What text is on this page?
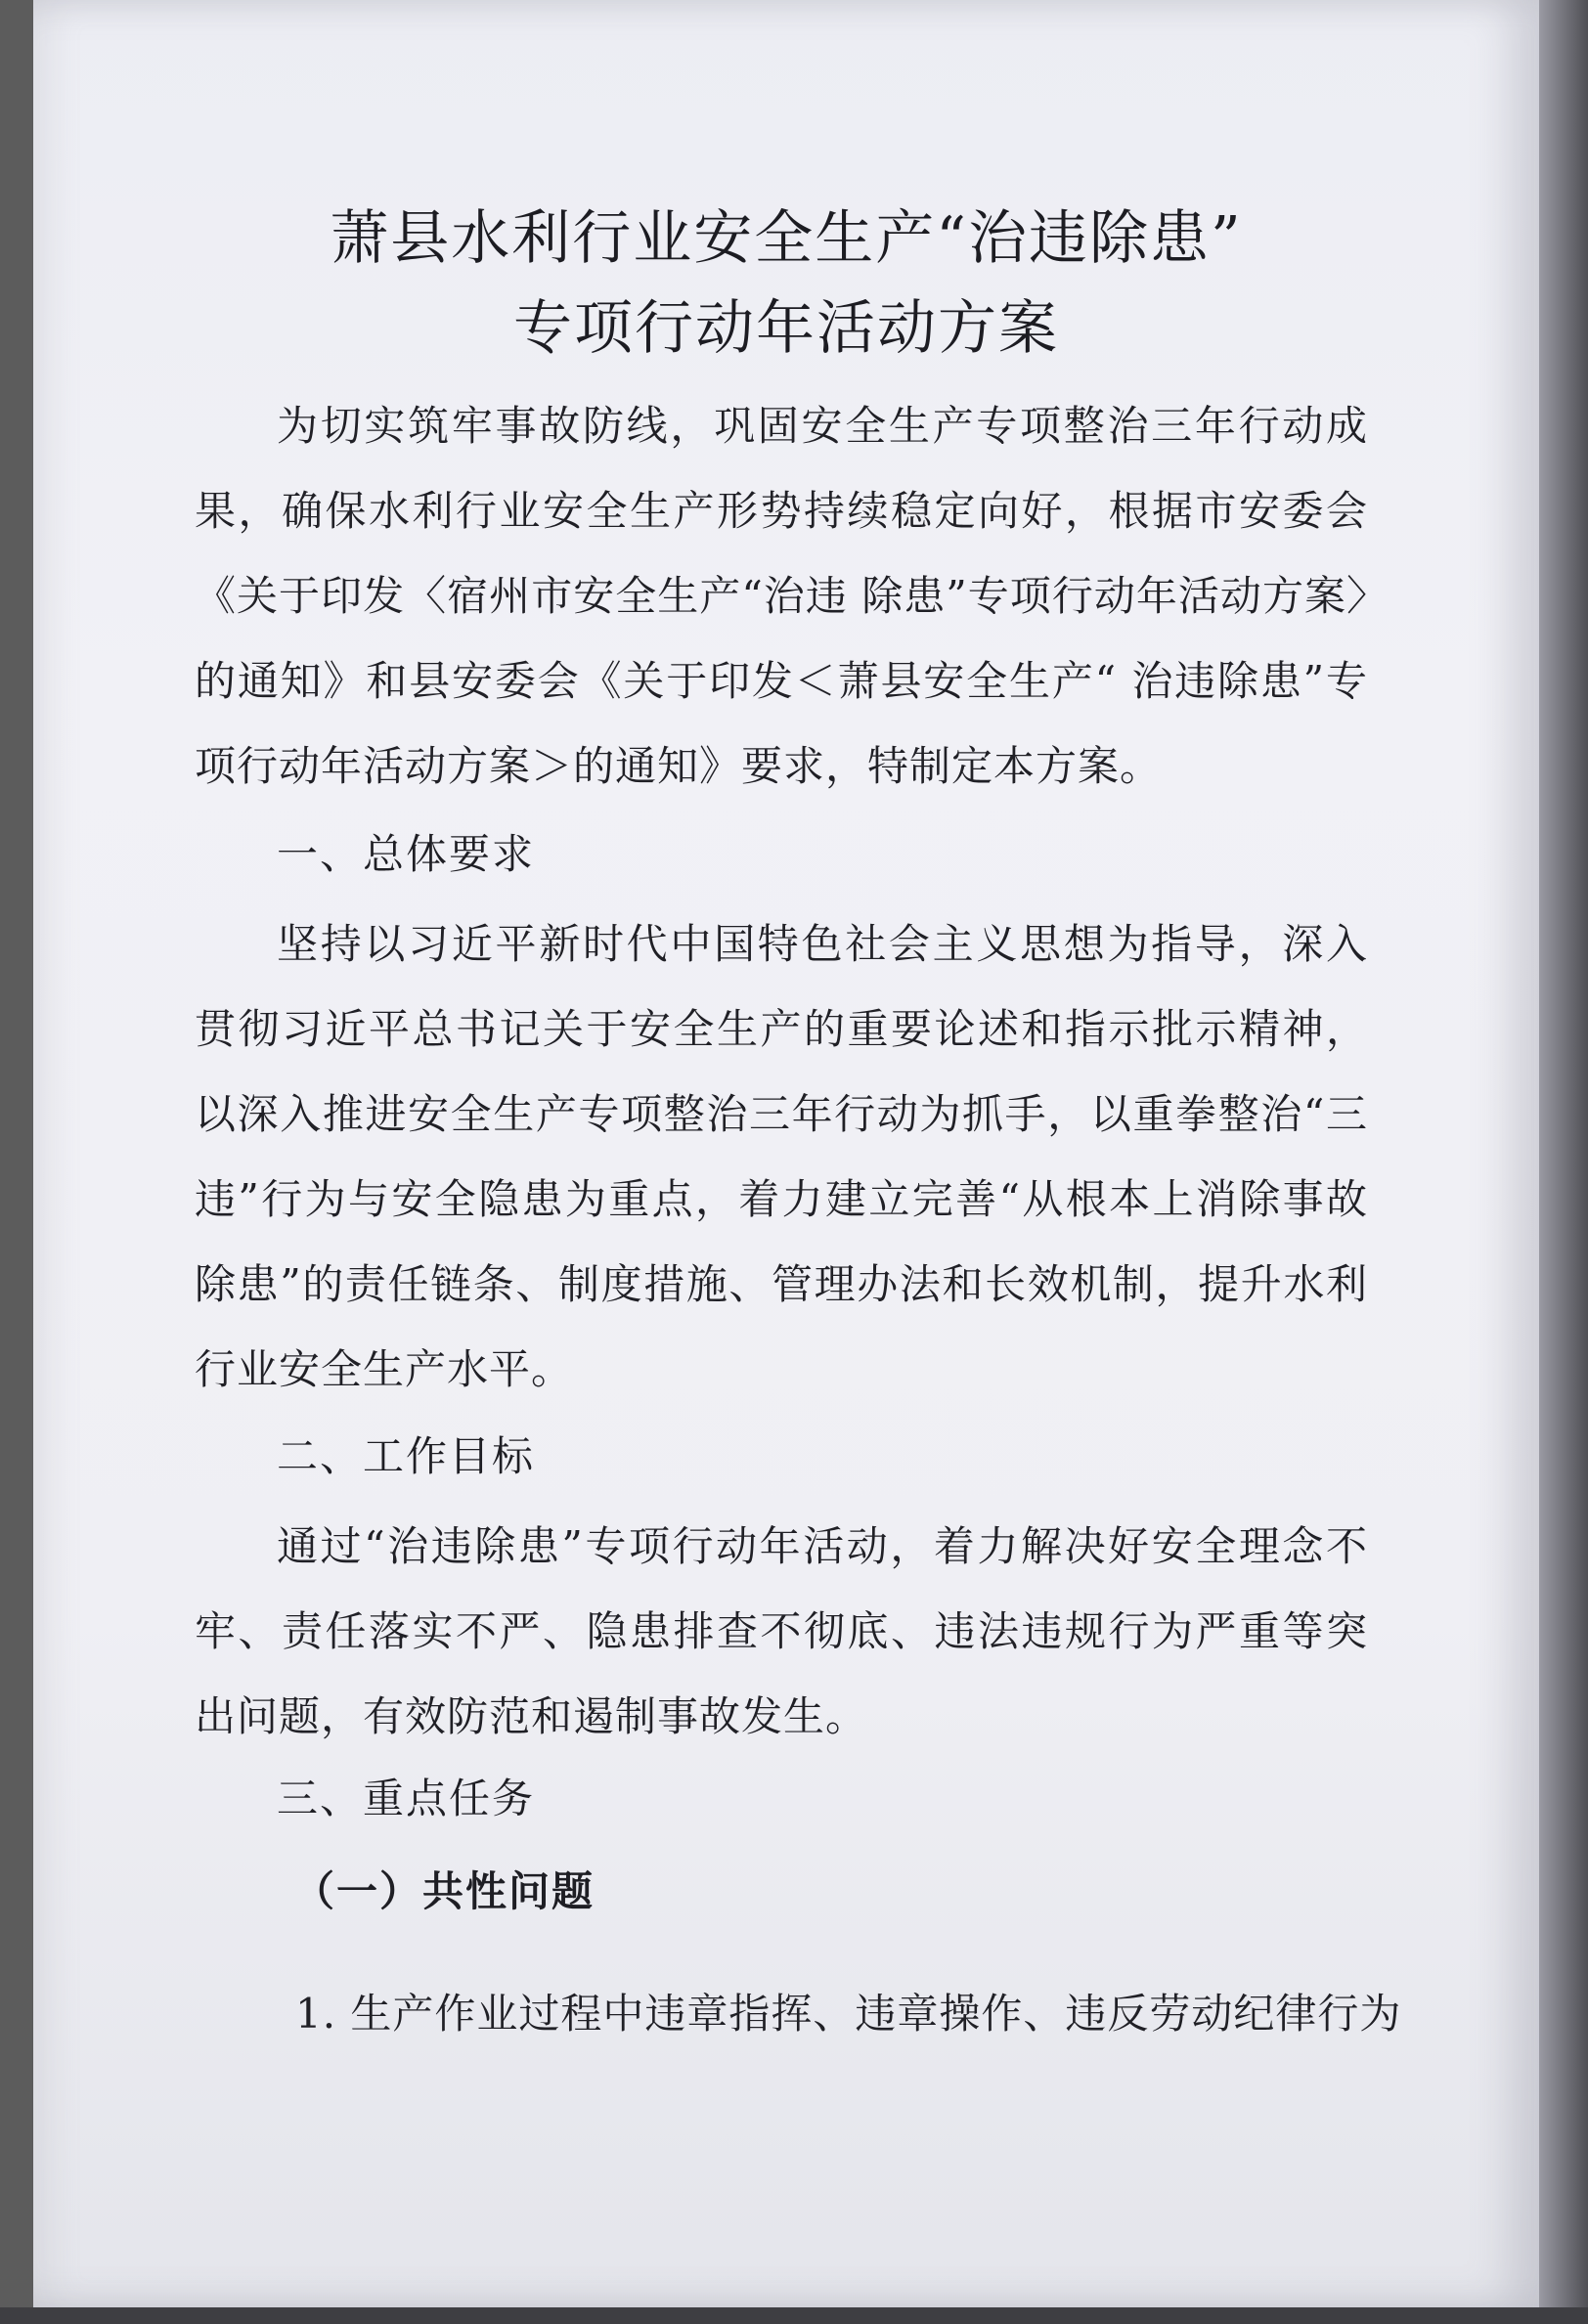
萧县水利行业安全生产“治违除患”
专项行动年活动方案
为切实筑牢事故防线，巩固安全生产专项整治三年行动成果，确保水利行业安全生产形势持续稳定向好，根据市安委会《关于印发〈宿州市安全生产“治违 除患”专项行动年活动方案〉的通知》和县安委会《关于印发＜萧县安全生产“ 治违除患”专项行动年活动方案＞的通知》要求，特制定本方案。
一、总体要求
坚持以习近平新时代中国特色社会主义思想为指导，深入贯彻习近平总书记关于安全生产的重要论述和指示批示精神，以深入推进安全生产专项整治三年行动为抓手，以重拳整治“三违”行为与安全隐患为重点，着力建立完善“从根本上消除事故除患”的责任链条、制度措施、管理办法和长效机制，提升水利行业安全生产水平。
二、工作目标
通过“治违除患”专项行动年活动，着力解决好安全理念不牢、责任落实不严、隐患排查不彻底、违法违规行为严重等突出问题，有效防范和遏制事故发生。
三、重点任务
（一）共性问题
1. 生产作业过程中违章指挥、违章操作、违反劳动纪律行为
